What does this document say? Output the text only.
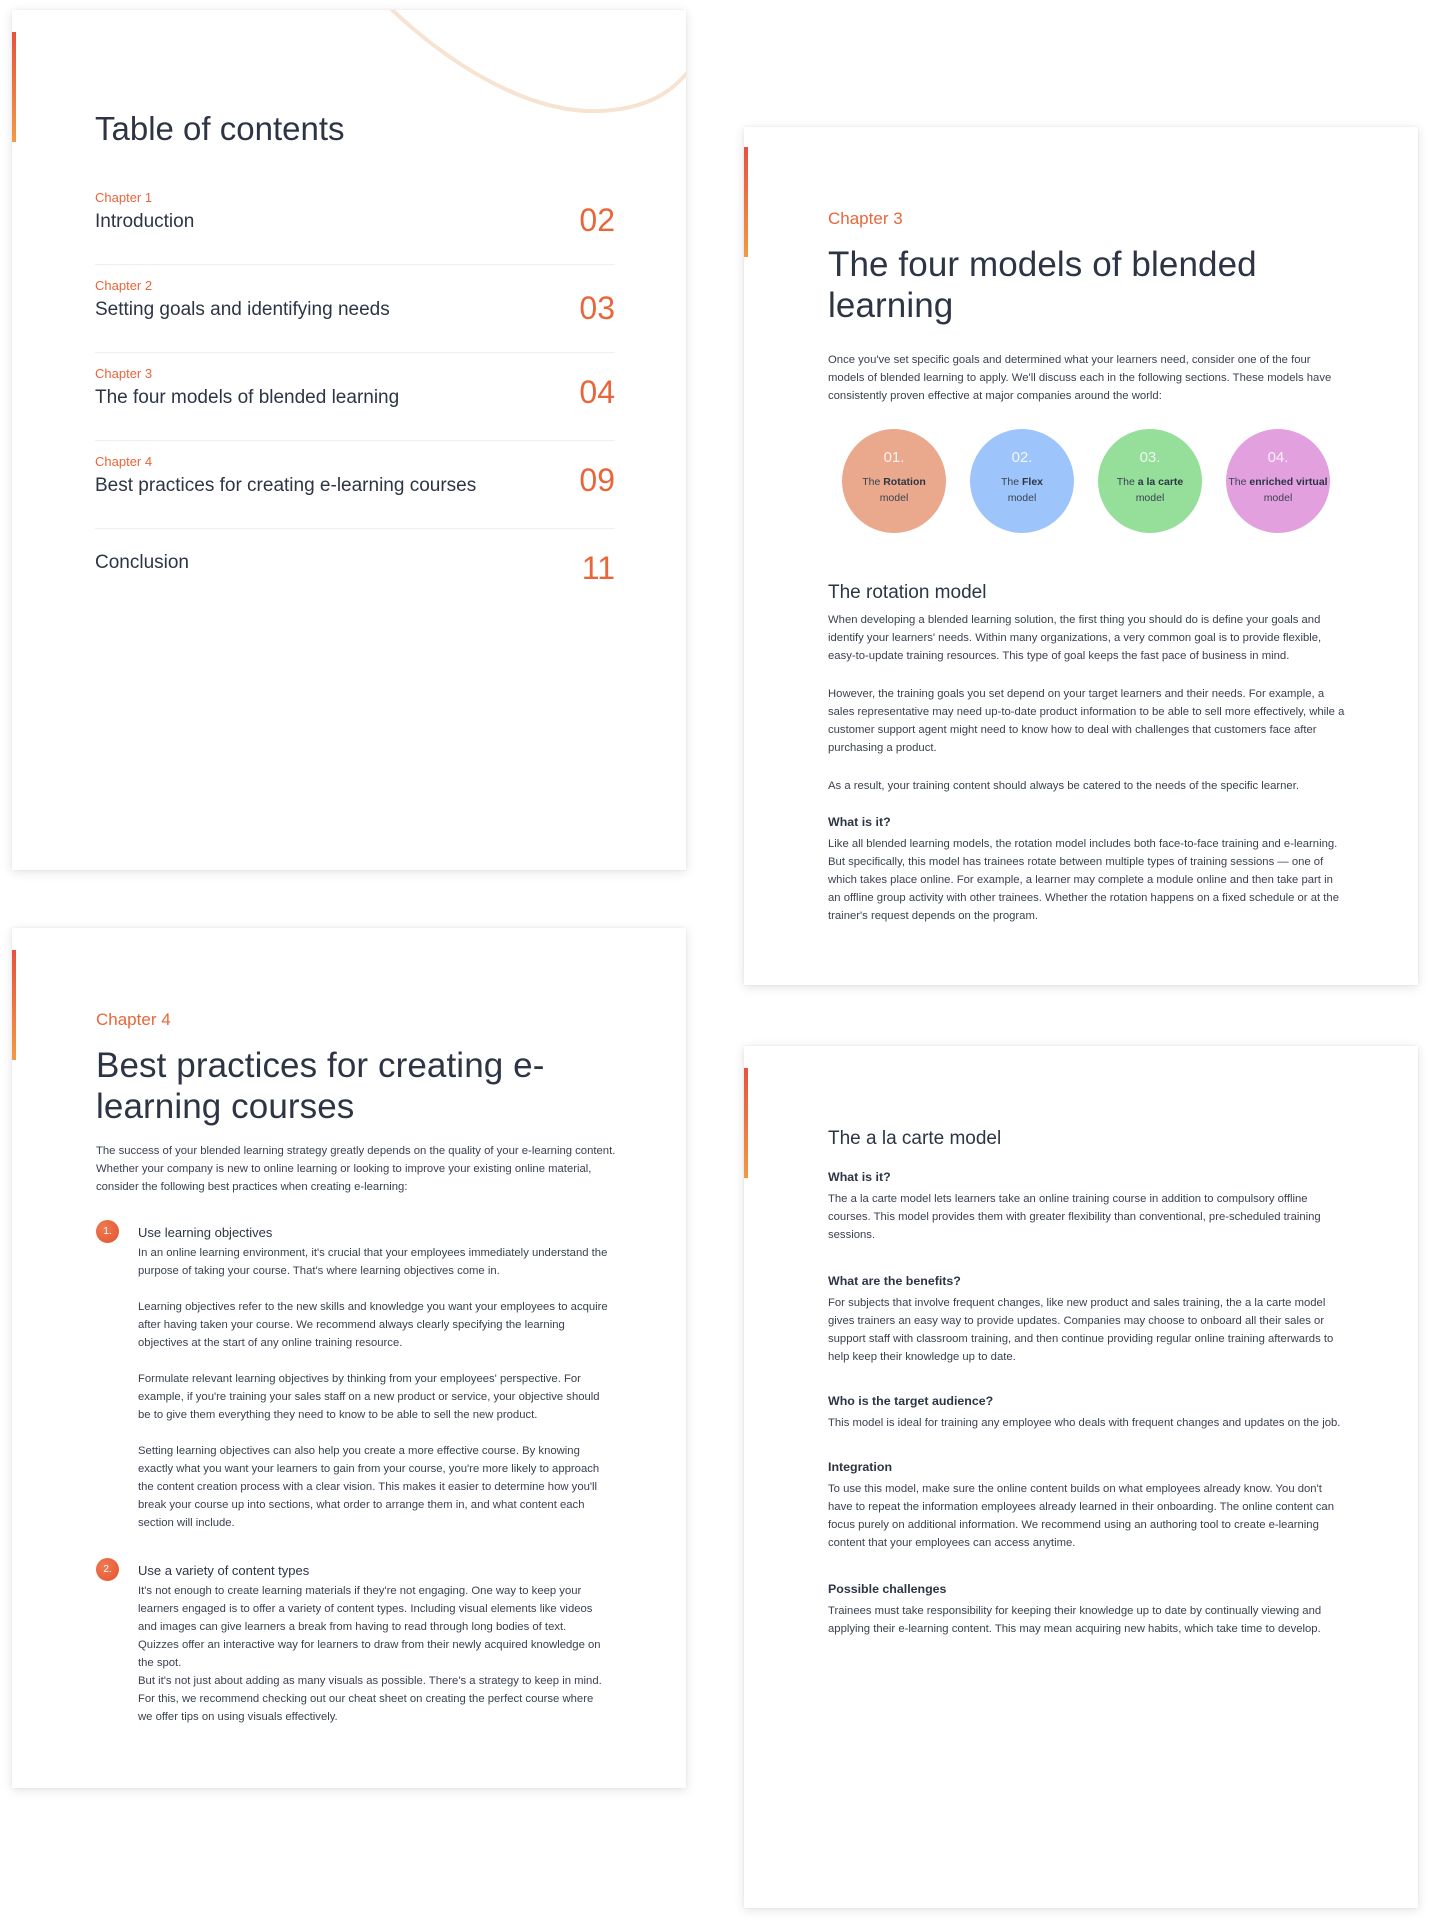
Table of contents
Chapter 1
Introduction	02
Chapter 2
Setting goals and identifying needs	03
Chapter 3
The four models of blended learning	04
Chapter 4
Best practices for creating e-learning courses	09
Conclusion	11
Chapter 3
The four models of blended learning
Once you've set specific goals and determined what your learners need, consider one of the four models of blended learning to apply. We'll discuss each in the following sections. These models have consistently proven effective at major companies around the world:
01.
The Rotation
model
02.
The Flex
model
03.
The a la carte
model
04.
The enriched virtual
model
The rotation model
When developing a blended learning solution, the first thing you should do is define your goals and identify your learners' needs. Within many organizations, a very common goal is to provide flexible, easy-to-update training resources. This type of goal keeps the fast pace of business in mind.
However, the training goals you set depend on your target learners and their needs. For example, a sales representative may need up-to-date product information to be able to sell more effectively, while a customer support agent might need to know how to deal with challenges that customers face after purchasing a product.
As a result, your training content should always be catered to the needs of the specific learner.
What is it?
Like all blended learning models, the rotation model includes both face-to-face training and e-learning. But specifically, this model has trainees rotate between multiple types of training sessions — one of which takes place online. For example, a learner may complete a module online and then take part in an offline group activity with other trainees. Whether the rotation happens on a fixed schedule or at the trainer's request depends on the program.
Chapter 4
Best practices for creating e-learning courses
The success of your blended learning strategy greatly depends on the quality of your e-learning content. Whether your company is new to online learning or looking to improve your existing online material, consider the following best practices when creating e-learning:
1.	Use learning objectives
In an online learning environment, it's crucial that your employees immediately understand the purpose of taking your course. That's where learning objectives come in.
Learning objectives refer to the new skills and knowledge you want your employees to acquire after having taken your course. We recommend always clearly specifying the learning objectives at the start of any online training resource.
Formulate relevant learning objectives by thinking from your employees' perspective. For example, if you're training your sales staff on a new product or service, your objective should be to give them everything they need to know to be able to sell the new product.
Setting learning objectives can also help you create a more effective course. By knowing exactly what you want your learners to gain from your course, you're more likely to approach the content creation process with a clear vision. This makes it easier to determine how you'll break your course up into sections, what order to arrange them in, and what content each section will include.
2.	Use a variety of content types
It's not enough to create learning materials if they're not engaging. One way to keep your learners engaged is to offer a variety of content types. Including visual elements like videos and images can give learners a break from having to read through long bodies of text. Quizzes offer an interactive way for learners to draw from their newly acquired knowledge on the spot.
But it's not just about adding as many visuals as possible. There's a strategy to keep in mind. For this, we recommend checking out our cheat sheet on creating the perfect course where we offer tips on using visuals effectively.
The a la carte model
What is it?
The a la carte model lets learners take an online training course in addition to compulsory offline courses. This model provides them with greater flexibility than conventional, pre-scheduled training sessions.
What are the benefits?
For subjects that involve frequent changes, like new product and sales training, the a la carte model gives trainers an easy way to provide updates. Companies may choose to onboard all their sales or support staff with classroom training, and then continue providing regular online training afterwards to help keep their knowledge up to date.
Who is the target audience?
This model is ideal for training any employee who deals with frequent changes and updates on the job.
Integration
To use this model, make sure the online content builds on what employees already know. You don't have to repeat the information employees already learned in their onboarding. The online content can focus purely on additional information. We recommend using an authoring tool to create e-learning content that your employees can access anytime.
Possible challenges
Trainees must take responsibility for keeping their knowledge up to date by continually viewing and applying their e-learning content. This may mean acquiring new habits, which take time to develop.
